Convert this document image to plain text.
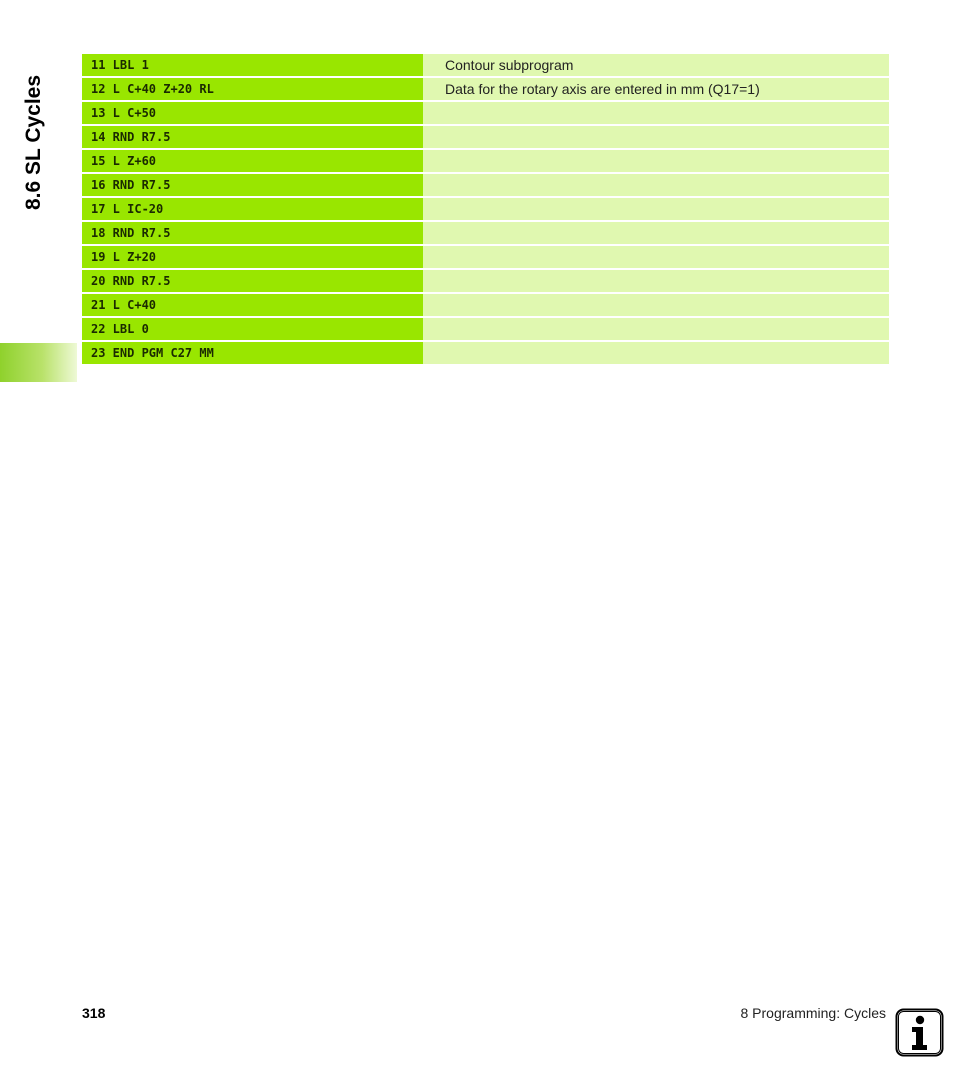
8.6 SL Cycles
11 LBL 1	Contour subprogram
12 L C+40 Z+20 RL	Data for the rotary axis are entered in mm (Q17=1)
13 L C+50
14 RND R7.5
15 L Z+60
16 RND R7.5
17 L IC-20
18 RND R7.5
19 L Z+20
20 RND R7.5
21 L C+40
22 LBL 0
23 END PGM C27 MM
318	8 Programming: Cycles
